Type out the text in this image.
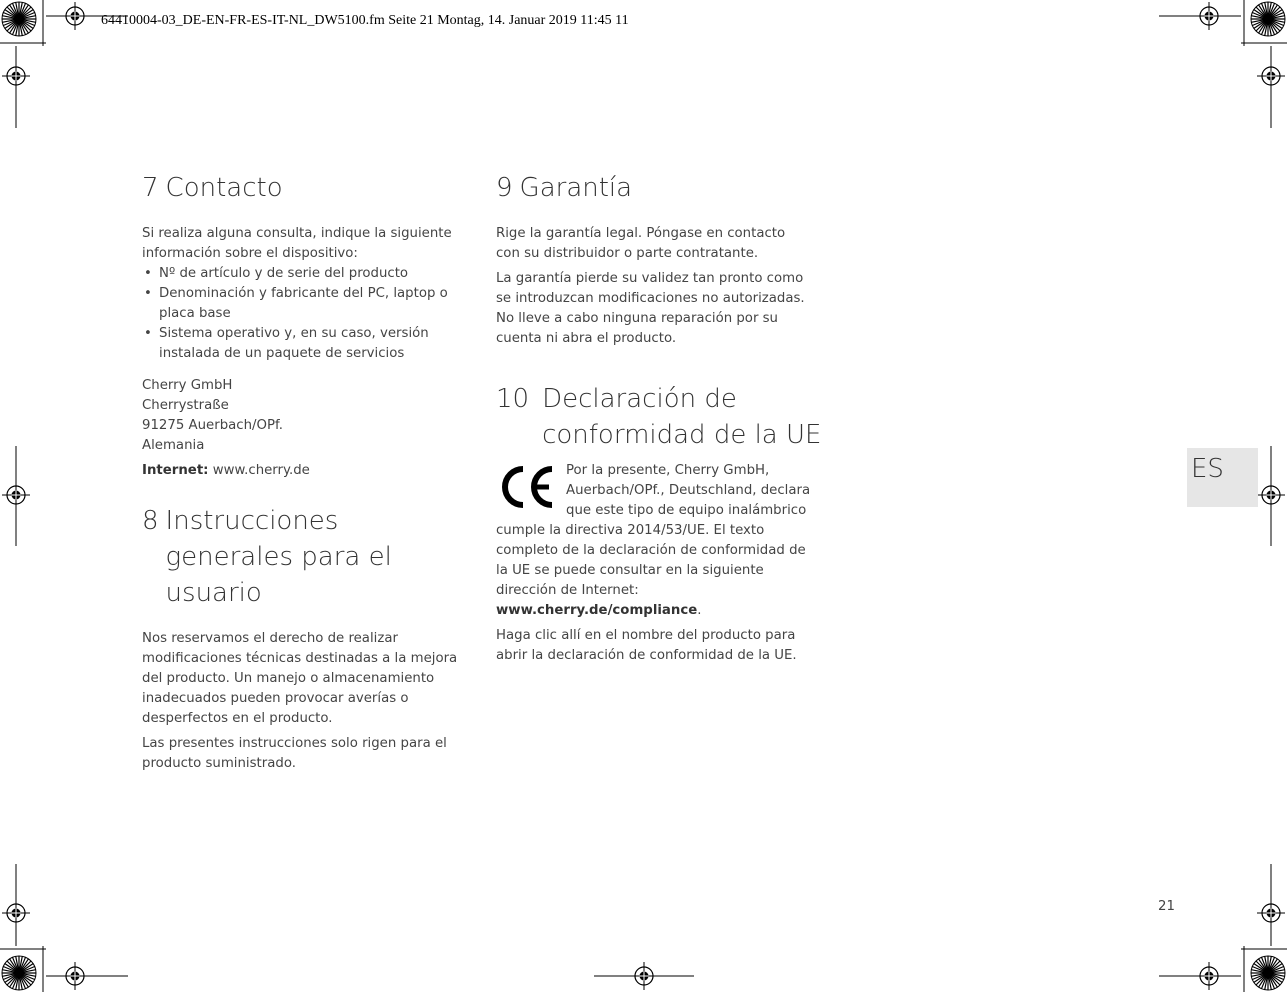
64410004-03_DE-EN-FR-ES-IT-NL_DW5100.fm Seite 21 Montag, 14. Januar 2019 11:45 11
7 Contacto

Si realiza alguna consulta, indique la siguiente información sobre el dispositivo:

• Nº de artículo y de serie del producto
• Denominación y fabricante del PC, laptop o placa base
• Sistema operativo y, en su caso, versión instalada de un paquete de servicios

Cherry GmbH

Cherrystraße

91275 Auerbach/OPf.

Alemania

Internet: www.cherry.de

8 Instrucciones generales para el usuario

Nos reservamos el derecho de realizar modificaciones técnicas destinadas a la mejora del producto. Un manejo o almacenamiento inadecuados pueden provocar averías o desperfectos en el producto.

Las presentes instrucciones solo rigen para el producto suministrado.

9 Garantía

Rige la garantía legal. Póngase en contacto con su distribuidor o parte contratante.

La garantía pierde su validez tan pronto como se introduzcan modificaciones no autorizadas. No lleve a cabo ninguna reparación por su cuenta ni abra el producto.

10 Declaración de conformidad de la UE

Por la presente, Cherry GmbH, Auerbach/OPf., Deutschland, declara que este tipo de equipo inalámbrico cumple la directiva 2014/53/UE. El texto completo de la declaración de conformidad de la UE se puede consultar en la siguiente dirección de Internet:

www.cherry.de/compliance.

Haga clic allí en el nombre del producto para abrir la declaración de conformidad de la UE.

ES
21
